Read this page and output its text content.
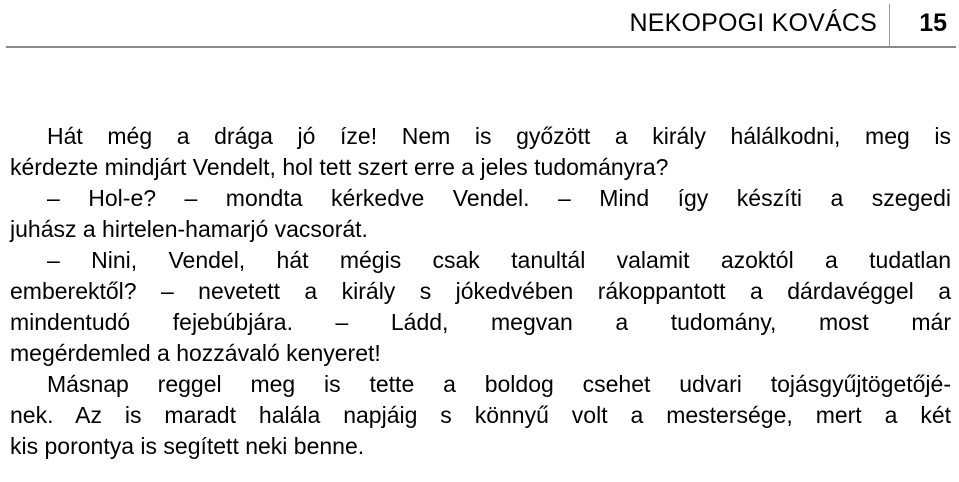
NEKOPOGI KOVÁCS 15
Hát még a drága jó íze! Nem is győzött a király hálálkodni, meg is
kérdezte mindjárt Vendelt, hol tett szert erre a jeles tudományra?
– Hol-e? – mondta kérkedve Vendel. – Mind így készíti a szegedi
juhász a hirtelen-hamarjó vacsorát.
– Nini, Vendel, hát mégis csak tanultál valamit azoktól a tudatlan
emberektől? – nevetett a király s jókedvében rákoppantott a dárdavéggel a
mindentudó fejebúbjára. – Ládd, megvan a tudomány, most már
megérdemled a hozzávaló kenyeret!
Másnap reggel meg is tette a boldog csehet udvari tojásgyűjtögetőjé-
nek. Az is maradt halála napjáig s könnyű volt a mestersége, mert a két
kis porontya is segített neki benne.
